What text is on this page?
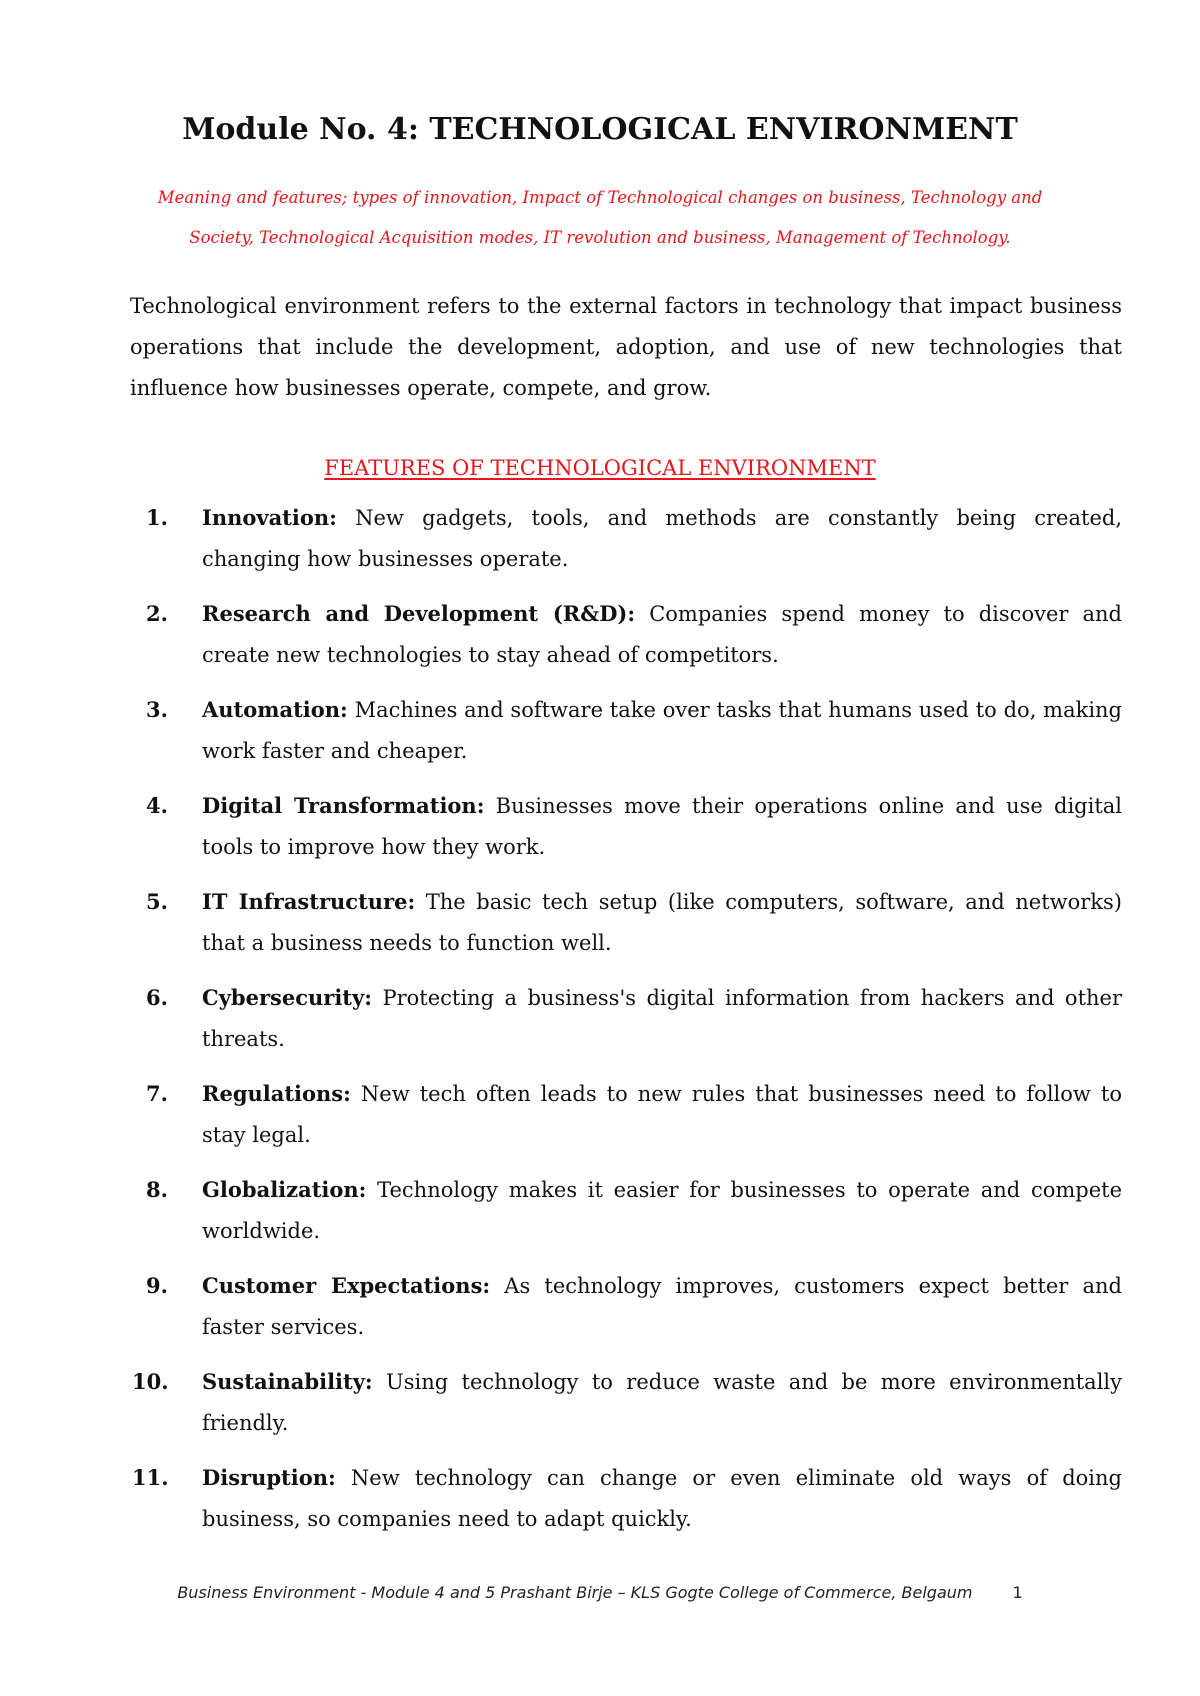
Module No. 4: TECHNOLOGICAL ENVIRONMENT
Meaning and features; types of innovation, Impact of Technological changes on business, Technology and Society, Technological Acquisition modes, IT revolution and business, Management of Technology.
Technological environment refers to the external factors in technology that impact business operations that include the development, adoption, and use of new technologies that influence how businesses operate, compete, and grow.
FEATURES OF TECHNOLOGICAL ENVIRONMENT
1. Innovation: New gadgets, tools, and methods are constantly being created, changing how businesses operate.
2. Research and Development (R&D): Companies spend money to discover and create new technologies to stay ahead of competitors.
3. Automation: Machines and software take over tasks that humans used to do, making work faster and cheaper.
4. Digital Transformation: Businesses move their operations online and use digital tools to improve how they work.
5. IT Infrastructure: The basic tech setup (like computers, software, and networks) that a business needs to function well.
6. Cybersecurity: Protecting a business's digital information from hackers and other threats.
7. Regulations: New tech often leads to new rules that businesses need to follow to stay legal.
8. Globalization: Technology makes it easier for businesses to operate and compete worldwide.
9. Customer Expectations: As technology improves, customers expect better and faster services.
10. Sustainability: Using technology to reduce waste and be more environmentally friendly.
11. Disruption: New technology can change or even eliminate old ways of doing business, so companies need to adapt quickly.
Business Environment - Module 4 and 5 Prashant Birje – KLS Gogte College of Commerce, Belgaum	1
